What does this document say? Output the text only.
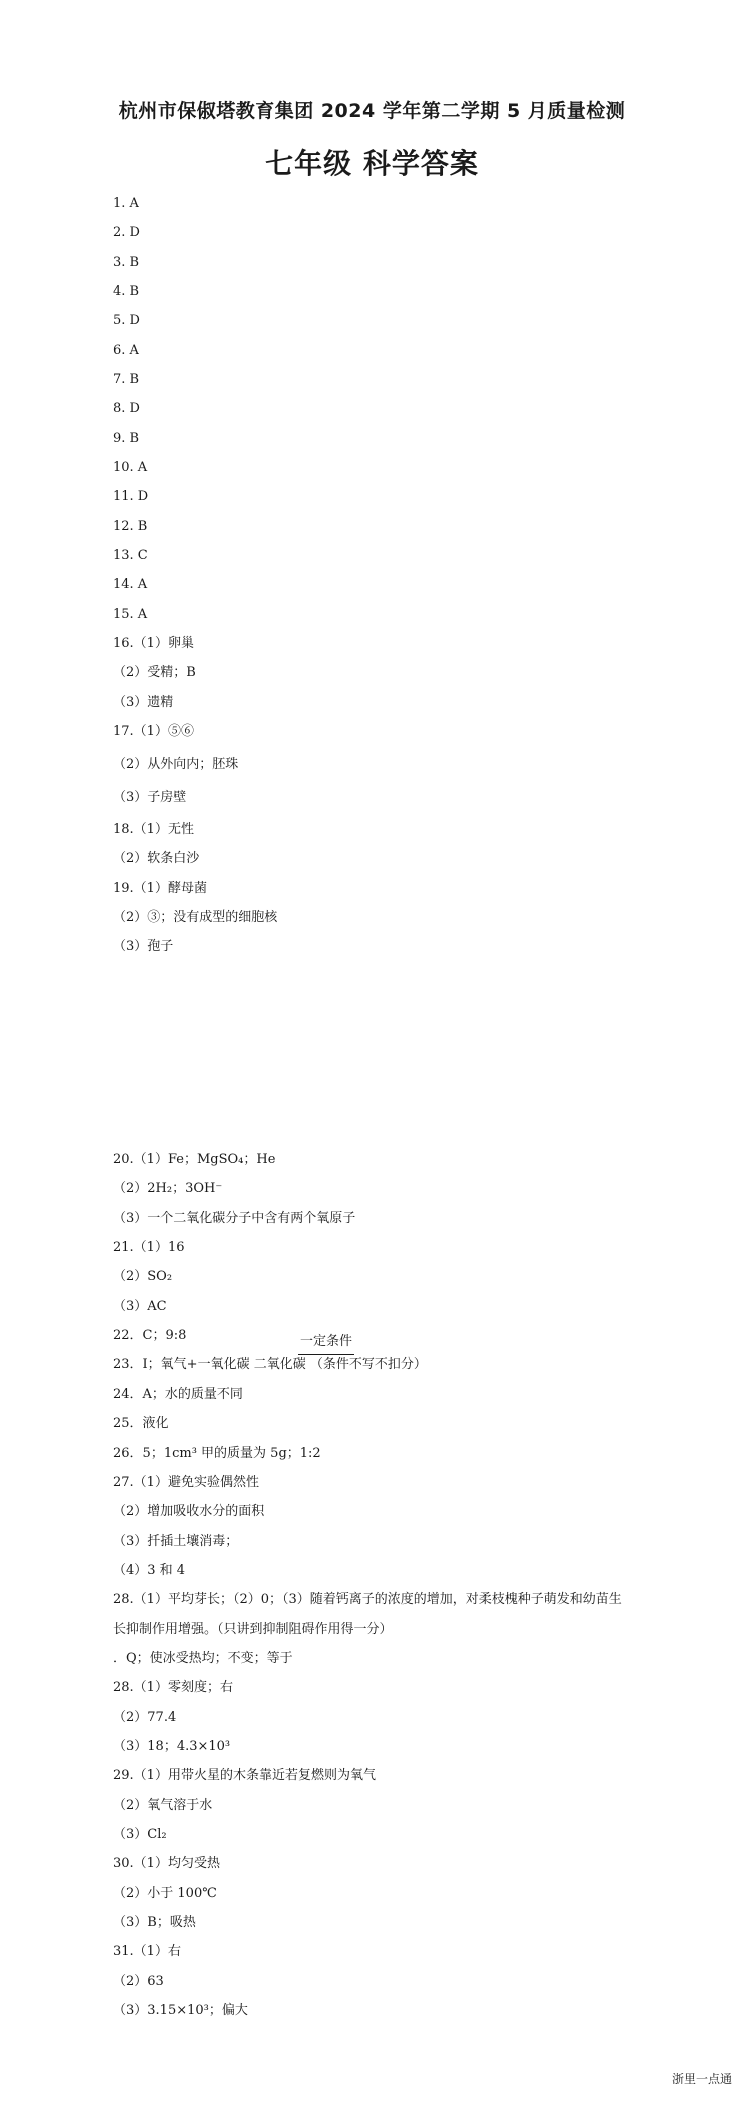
杭州市保俶塔教育集团 2024 学年第二学期 5 月质量检测
七年级 科学答案
1. A
2. D
3. B
4. B
5. D
6. A
7. B
8. D
9. B
10. A
11. D
12. B
13. C
14. A
15. A
16.（1）卵巢
（2）受精；B
（3）遗精
17.（1）⑤⑥
（2）从外向内；胚珠
（3）子房壁
18.（1）无性
（2）软条白沙
19.（1）酵母菌
（2）③；没有成型的细胞核
（3）孢子
20.（1）Fe；MgSO₄；He
（2）2H₂；3OH⁻
（3）一个二氧化碳分子中含有两个氧原子
21.（1）16
（2）SO₂
（3）AC
22．C；9:8
23．I；氧气+一氧化碳 二氧化碳 （条件不写不扣分）
24．A；水的质量不同
25．液化
26．5；1cm³ 甲的质量为 5g；1:2
27.（1）避免实验偶然性
（2）增加吸收水分的面积
（3）扦插土壤消毒；
（4）3 和 4
28.（1）平均芽长；（2）0；（3）随着钙离子的浓度的增加，对柔枝槐种子萌发和幼苗生
长抑制作用增强。（只讲到抑制阻碍作用得一分）
．Q；使冰受热均；不变；等于
28.（1）零刻度；右
（2）77.4
（3）18；4.3×10³
29.（1）用带火星的木条靠近若复燃则为氧气
（2）氧气溶于水
（3）Cl₂
30.（1）均匀受热
（2）小于 100℃
（3）B；吸热
31.（1）右
（2）63
（3）3.15×10³；偏大
一定条件
浙里一点通
